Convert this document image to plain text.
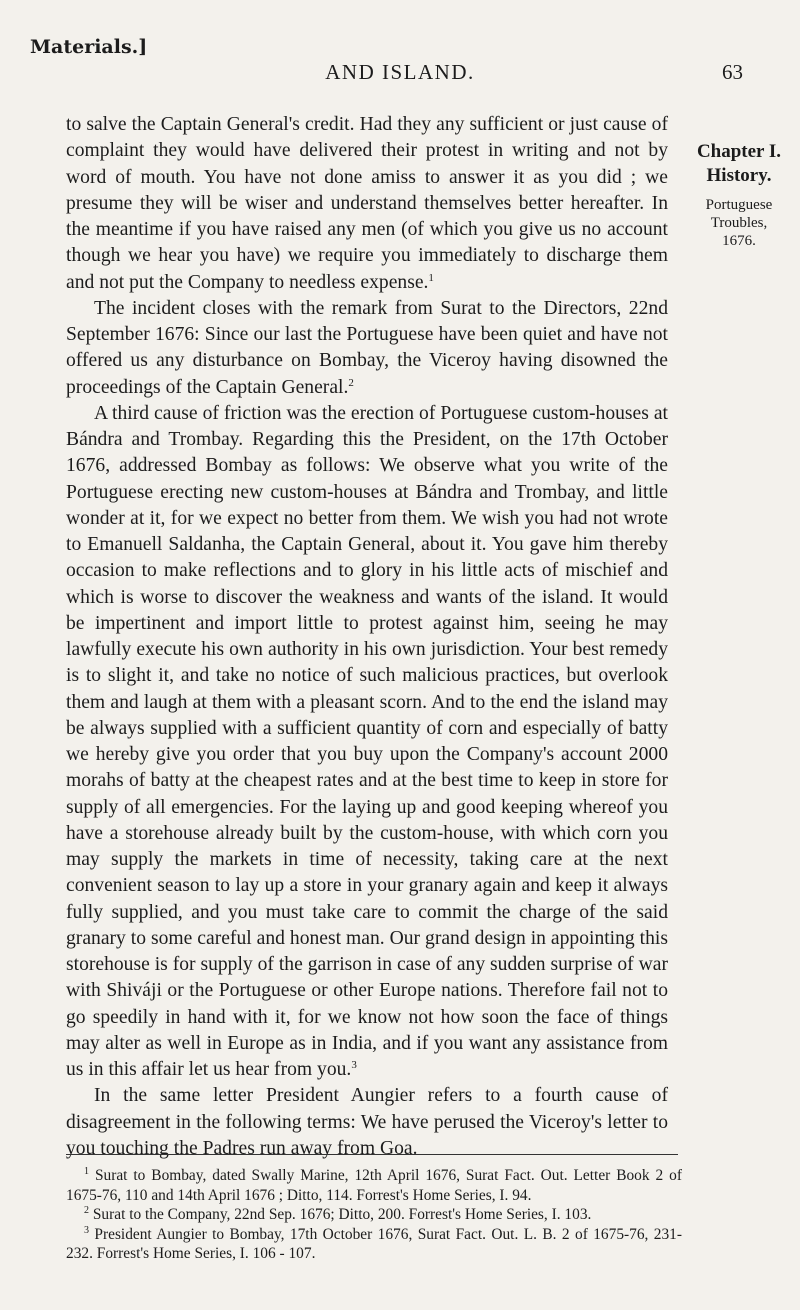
Materials.]
AND ISLAND.	63

to salve the Captain General's credit. Had they any sufficient or just cause of complaint they would have delivered their protest in writing and not by word of mouth. You have not done amiss to answer it as you did ; we presume they will be wiser and understand themselves better hereafter. In the meantime if you have raised any men (of which you give us no account though we hear you have) we require you immediately to discharge them and not put the Company to needless expense.$^1$

The incident closes with the remark from Surat to the Directors, 22nd September 1676: Since our last the Portuguese have been quiet and have not offered us any disturbance on Bombay, the Viceroy having disowned the proceedings of the Captain General.$^2$

A third cause of friction was the erection of Portuguese custom-houses at Bándra and Trombay. Regarding this the President, on the 17th October 1676, addressed Bombay as follows: We observe what you write of the Portuguese erecting new custom-houses at Bándra and Trombay, and little wonder at it, for we expect no better from them. We wish you had not wrote to Emanuell Saldanha, the Captain General, about it. You gave him thereby occasion to make reflections and to glory in his little acts of mischief and which is worse to discover the weakness and wants of the island. It would be impertinent and import little to protest against him, seeing he may lawfully execute his own authority in his own jurisdiction. Your best remedy is to slight it, and take no notice of such malicious practices, but overlook them and laugh at them with a pleasant scorn. And to the end the island may be always supplied with a sufficient quantity of corn and especially of batty we hereby give you order that you buy upon the Company's account 2000 morahs of batty at the cheapest rates and at the best time to keep in store for supply of all emergencies. For the laying up and good keeping whereof you have a storehouse already built by the custom-house, with which corn you may supply the markets in time of necessity, taking care at the next convenient season to lay up a store in your granary again and keep it always fully supplied, and you must take care to commit the charge of the said granary to some careful and honest man. Our grand design in appointing this storehouse is for supply of the garrison in case of any sudden surprise of war with Shiváji or the Portuguese or other Europe nations. Therefore fail not to go speedily in hand with it, for we know not how soon the face of things may alter as well in Europe as in India, and if you want any assistance from us in this affair let us hear from you.$^3$

In the same letter President Aungier refers to a fourth cause of disagreement in the following terms: We have perused the Viceroy's letter to you touching the Padres run away from Goa.

Chapter I.
History.
Portuguese
Troubles,
1676.

$^1$ Surat to Bombay, dated Swally Marine, 12th April 1676, Surat Fact. Out. Letter Book 2 of 1675-76, 110 and 14th April 1676 ; Ditto, 114. Forrest's Home Series, I. 94.

$^2$ Surat to the Company, 22nd Sep. 1676; Ditto, 200. Forrest's Home Series, I. 103.

$^3$ President Aungier to Bombay, 17th October 1676, Surat Fact. Out. L. B. 2 of 1675-76, 231-232. Forrest's Home Series, I. 106 - 107.
